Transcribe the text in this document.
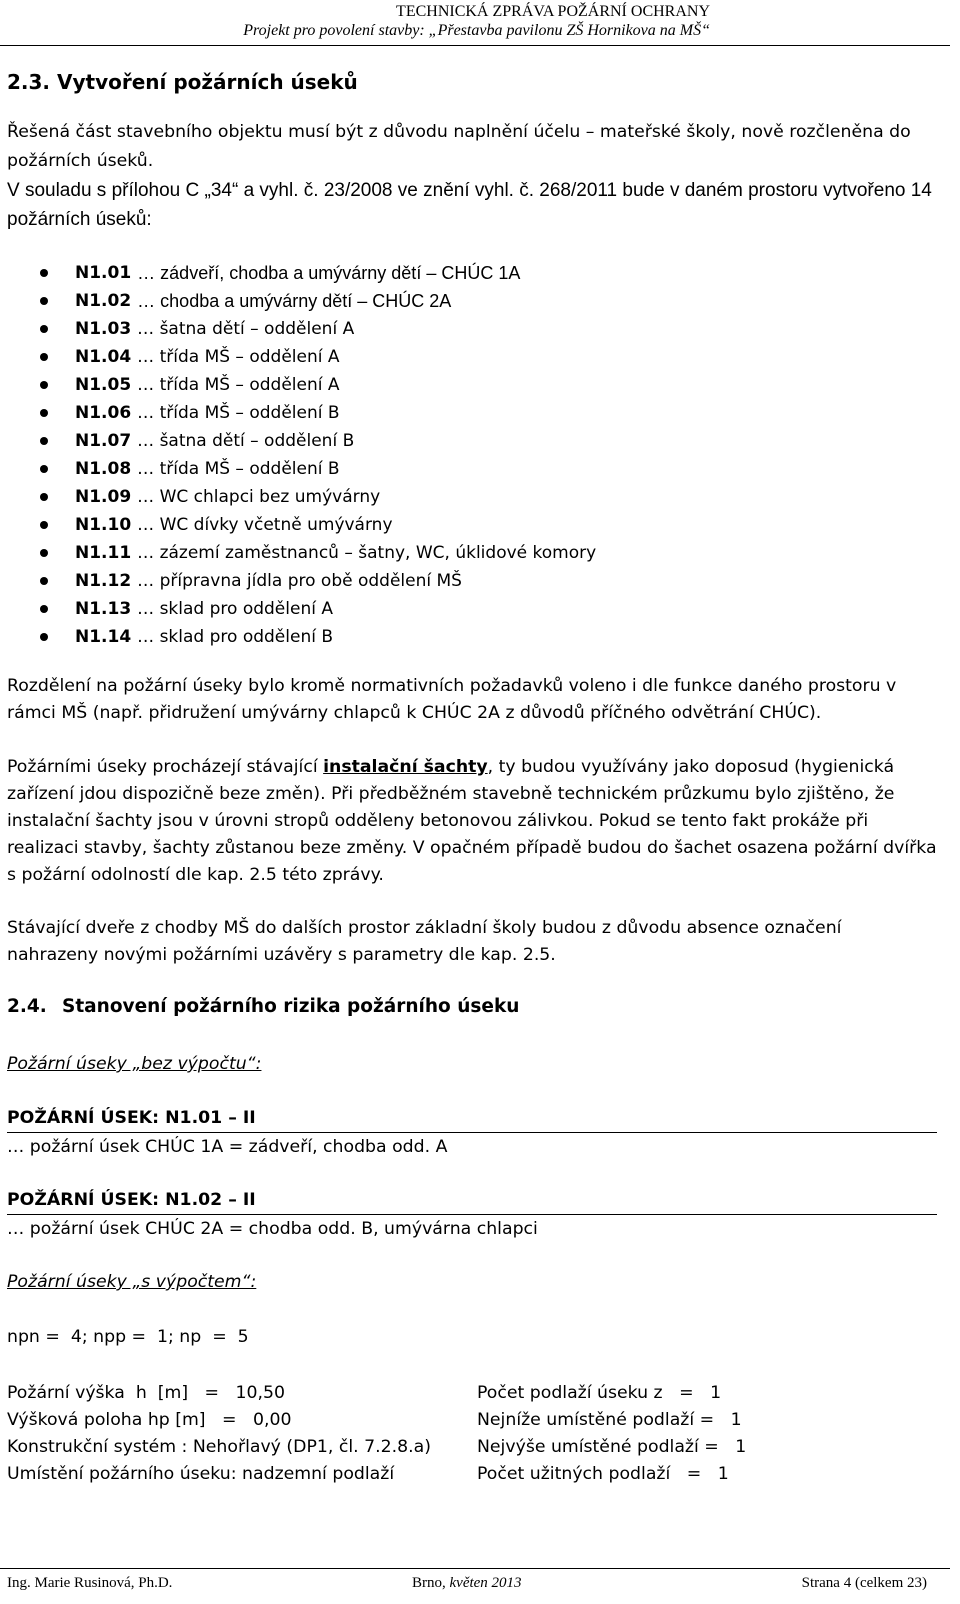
TECHNICKÁ ZPRÁVA POŽÁRNÍ OCHRANY
Projekt pro povolení stavby: „Přestavba pavilonu ZŠ Hornikova na MŠ“
2.3. Vytvoření požárních úseků

Řešená část stavebního objektu musí být z důvodu naplnění účelu – mateřské školy, nově rozčleněna do požárních úseků.

V souladu s přílohou C „34“ a vyhl. č. 23/2008 ve znění vyhl. č. 268/2011 bude v daném prostoru vytvořeno 14 požárních úseků:

N1.01 … zádveří, chodba a umývárny dětí – CHÚC 1A
N1.02 … chodba a umývárny dětí – CHÚC 2A
N1.03 … šatna dětí – oddělení A
N1.04 … třída MŠ – oddělení A
N1.05 … třída MŠ – oddělení A
N1.06 … třída MŠ – oddělení B
N1.07 … šatna dětí – oddělení B
N1.08 … třída MŠ – oddělení B
N1.09 … WC chlapci bez umývárny
N1.10 … WC dívky včetně umývárny
N1.11 … zázemí zaměstnanců – šatny, WC, úklidové komory
N1.12 … přípravna jídla pro obě oddělení MŠ
N1.13 … sklad pro oddělení A
N1.14 … sklad pro oddělení B

Rozdělení na požární úseky bylo kromě normativních požadavků voleno i dle funkce daného prostoru v rámci MŠ (např. přidružení umývárny chlapců k CHÚC 2A z důvodů příčného odvětrání CHÚC).

Požárními úseky procházejí stávající instalační šachty, ty budou využívány jako doposud (hygienická zařízení jdou dispozičně beze změn). Při předběžném stavebně technickém průzkumu bylo zjištěno, že instalační šachty jsou v úrovni stropů odděleny betonovou zálivkou. Pokud se tento fakt prokáže při realizaci stavby, šachty zůstanou beze změny. V opačném případě budou do šachet osazena požární dvířka s požární odolností dle kap. 2.5 této zprávy.

Stávající dveře z chodby MŠ do dalších prostor základní školy budou z důvodu absence označení nahrazeny novými požárními uzávěry s parametry dle kap. 2.5.

2.4. Stanovení požárního rizika požárního úseku
Požární úseky „bez výpočtu“:
POŽÁRNÍ ÚSEK: N1.01 – II
… požární úsek CHÚC 1A = zádveří, chodba odd. A
POŽÁRNÍ ÚSEK: N1.02 – II
… požární úsek CHÚC 2A = chodba odd. B, umývárna chlapci
Požární úseky „s výpočtem“:
npn =  4; npp =  1; np  =  5
Požární výška  h  [m]   =   10,50
Výšková poloha hp [m]   =   0,00
Konstrukční systém : Nehořlavý (DP1, čl. 7.2.8.a)
Umístění požárního úseku: nadzemní podlaží
Počet podlaží úseku z   =   1
Nejníže umístěné podlaží =   1
Nejvýše umístěné podlaží =   1
Počet užitných podlaží   =   1
Ing. Marie Rusinová, Ph.D.	Brno, květen 2013	Strana 4 (celkem 23)
